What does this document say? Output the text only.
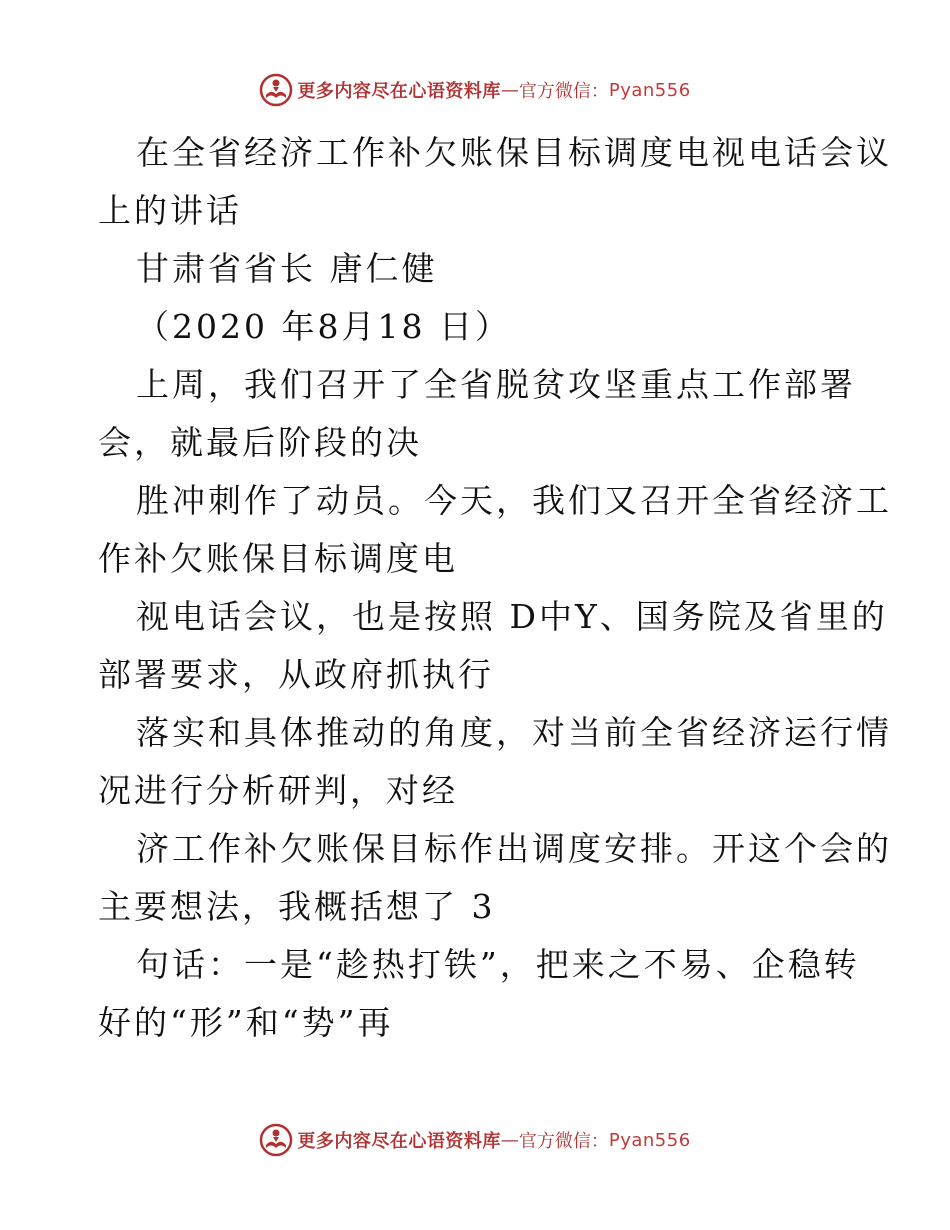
更多内容尽在心语资料库 — 官方微信： Pyan556
在全省经济工作补欠账保目标调度电视电话会议
上的讲话
甘肃省省长 唐仁健
（2020 年8月18 日）
上周，我们召开了全省脱贫攻坚重点工作部署
会，就最后阶段的决
胜冲刺作了动员。今天，我们又召开全省经济工
作补欠账保目标调度电
视电话会议，也是按照 D中Y、国务院及省里的
部署要求，从政府抓执行
落实和具体推动的角度，对当前全省经济运行情
况进行分析研判，对经
济工作补欠账保目标作出调度安排。开这个会的
主要想法，我概括想了 3
句话：一是“趁热打铁”，把来之不易、企稳转
好的“形”和“势”再
更多内容尽在心语资料库 — 官方微信： Pyan556
